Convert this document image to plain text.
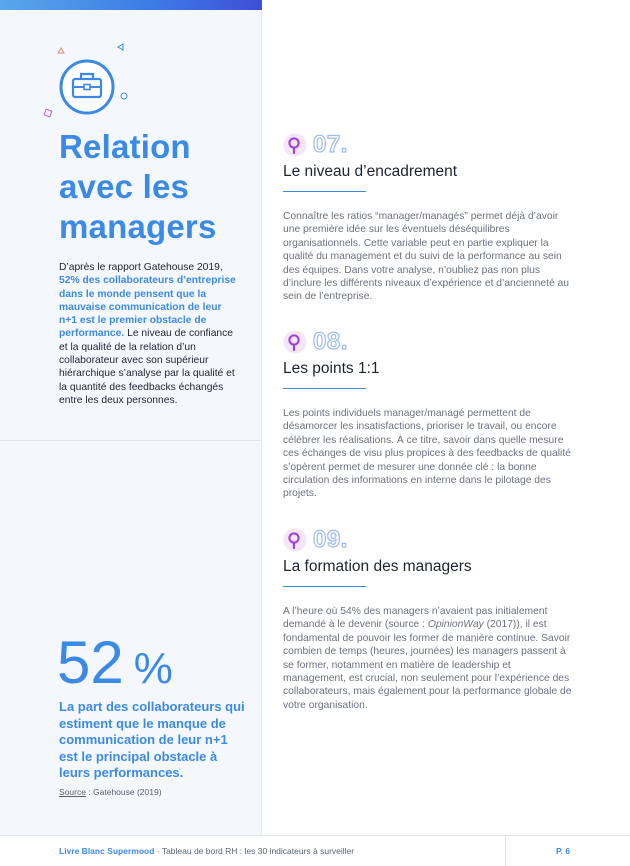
Relation
avec les
managers

D’après le rapport Gatehouse 2019, 52% des collaborateurs d’entreprise dans le monde pensent que la mauvaise communication de leur n+1 est le premier obstacle de performance. Le niveau de confiance et la qualité de la relation d’un collaborateur avec son supérieur hiérarchique s’analyse par la qualité et la quantité des feedbacks échangés entre les deux personnes.

52 %

La part des collaborateurs qui estiment que le manque de communication de leur n+1 est le principal obstacle à leurs performances.

Source : Gatehouse (2019)

07.
Le niveau d’encadrement

Connaître les ratios “manager/managés” permet déjà d’avoir une première idée sur les éventuels déséquilibres organisationnels. Cette variable peut en partie expliquer la qualité du management et du suivi de la performance au sein des équipes. Dans votre analyse, n’oubliez pas non plus d’inclure les différents niveaux d’expérience et d’ancienneté au sein de l’entreprise.

08.
Les points 1:1

Les points individuels manager/managé permettent de désamorcer les insatisfactions, prioriser le travail, ou encore célébrer les réalisations. À ce titre, savoir dans quelle mesure ces échanges de visu plus propices à des feedbacks de qualité s’opèrent permet de mesurer une donnée clé : la bonne circulation des informations en interne dans le pilotage des projets.

09.
La formation des managers

A l’heure où 54% des managers n’avaient pas initialement demandé à le devenir (source : OpinionWay (2017)), il est fondamental de pouvoir les former de manière continue. Savoir combien de temps (heures, journées) les managers passent à se former, notamment en matière de leadership et management, est crucial, non seulement pour l’expérience des collaborateurs, mais également pour la performance globale de votre organisation.

Livre Blanc Supermood · Tableau de bord RH : les 30 indicateurs à surveiller	P. 6
